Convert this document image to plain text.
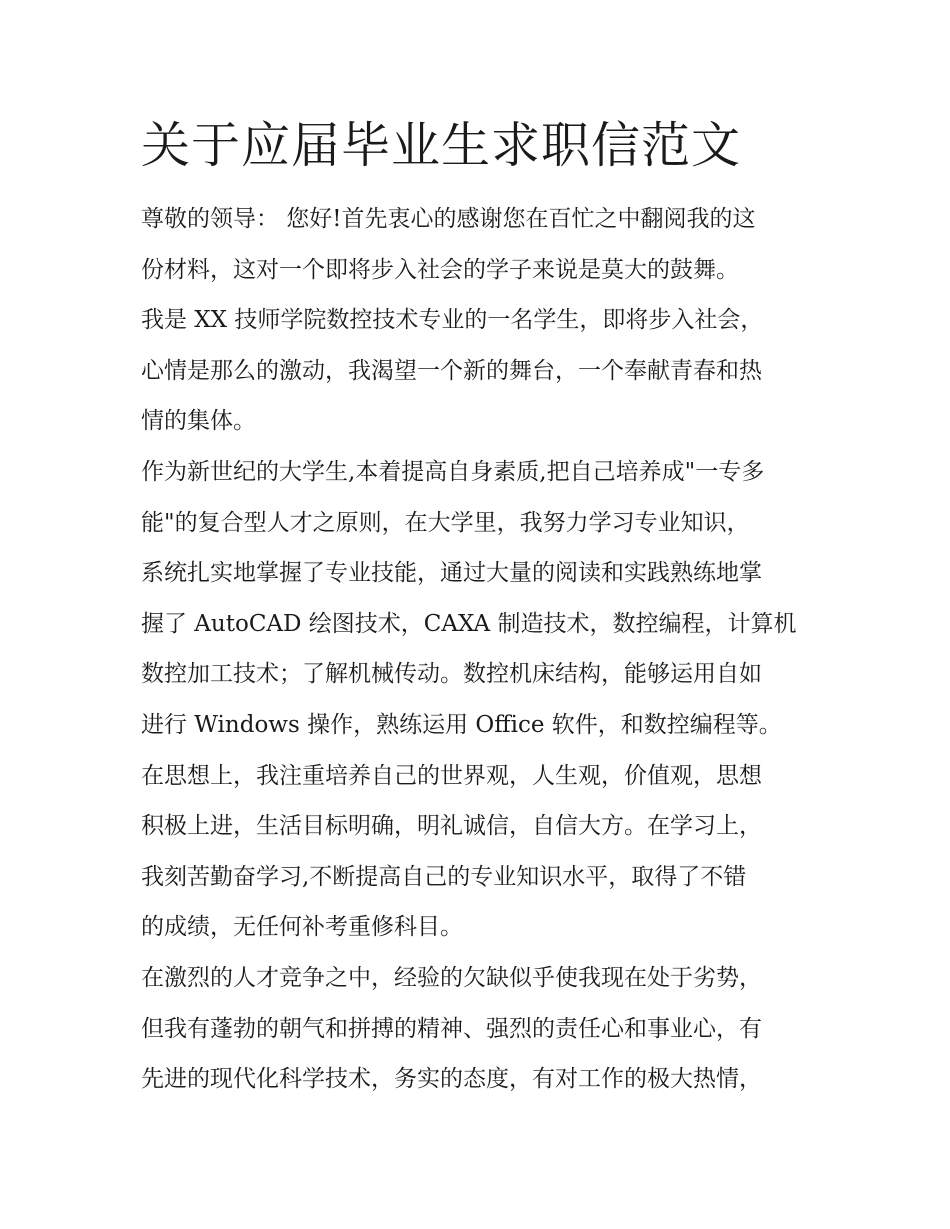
关于应届毕业生求职信范文
尊敬的领导： 您好!首先衷心的感谢您在百忙之中翻阅我的这
份材料，这对一个即将步入社会的学子来说是莫大的鼓舞。
我是 XX 技师学院数控技术专业的一名学生，即将步入社会，
心情是那么的激动，我渴望一个新的舞台，一个奉献青春和热
情的集体。
作为新世纪的大学生,本着提高自身素质,把自己培养成"一专多
能"的复合型人才之原则，在大学里，我努力学习专业知识，
系统扎实地掌握了专业技能，通过大量的阅读和实践熟练地掌
握了 AutoCAD 绘图技术，CAXA 制造技术，数控编程，计算机
数控加工技术；了解机械传动。数控机床结构，能够运用自如
进行 Windows 操作，熟练运用 Office 软件，和数控编程等。
在思想上，我注重培养自己的世界观，人生观，价值观，思想
积极上进，生活目标明确，明礼诚信，自信大方。在学习上，
我刻苦勤奋学习,不断提高自己的专业知识水平，取得了不错
的成绩，无任何补考重修科目。
在激烈的人才竞争之中，经验的欠缺似乎使我现在处于劣势，
但我有蓬勃的朝气和拼搏的精神、强烈的责任心和事业心，有
先进的现代化科学技术，务实的态度，有对工作的极大热情，
